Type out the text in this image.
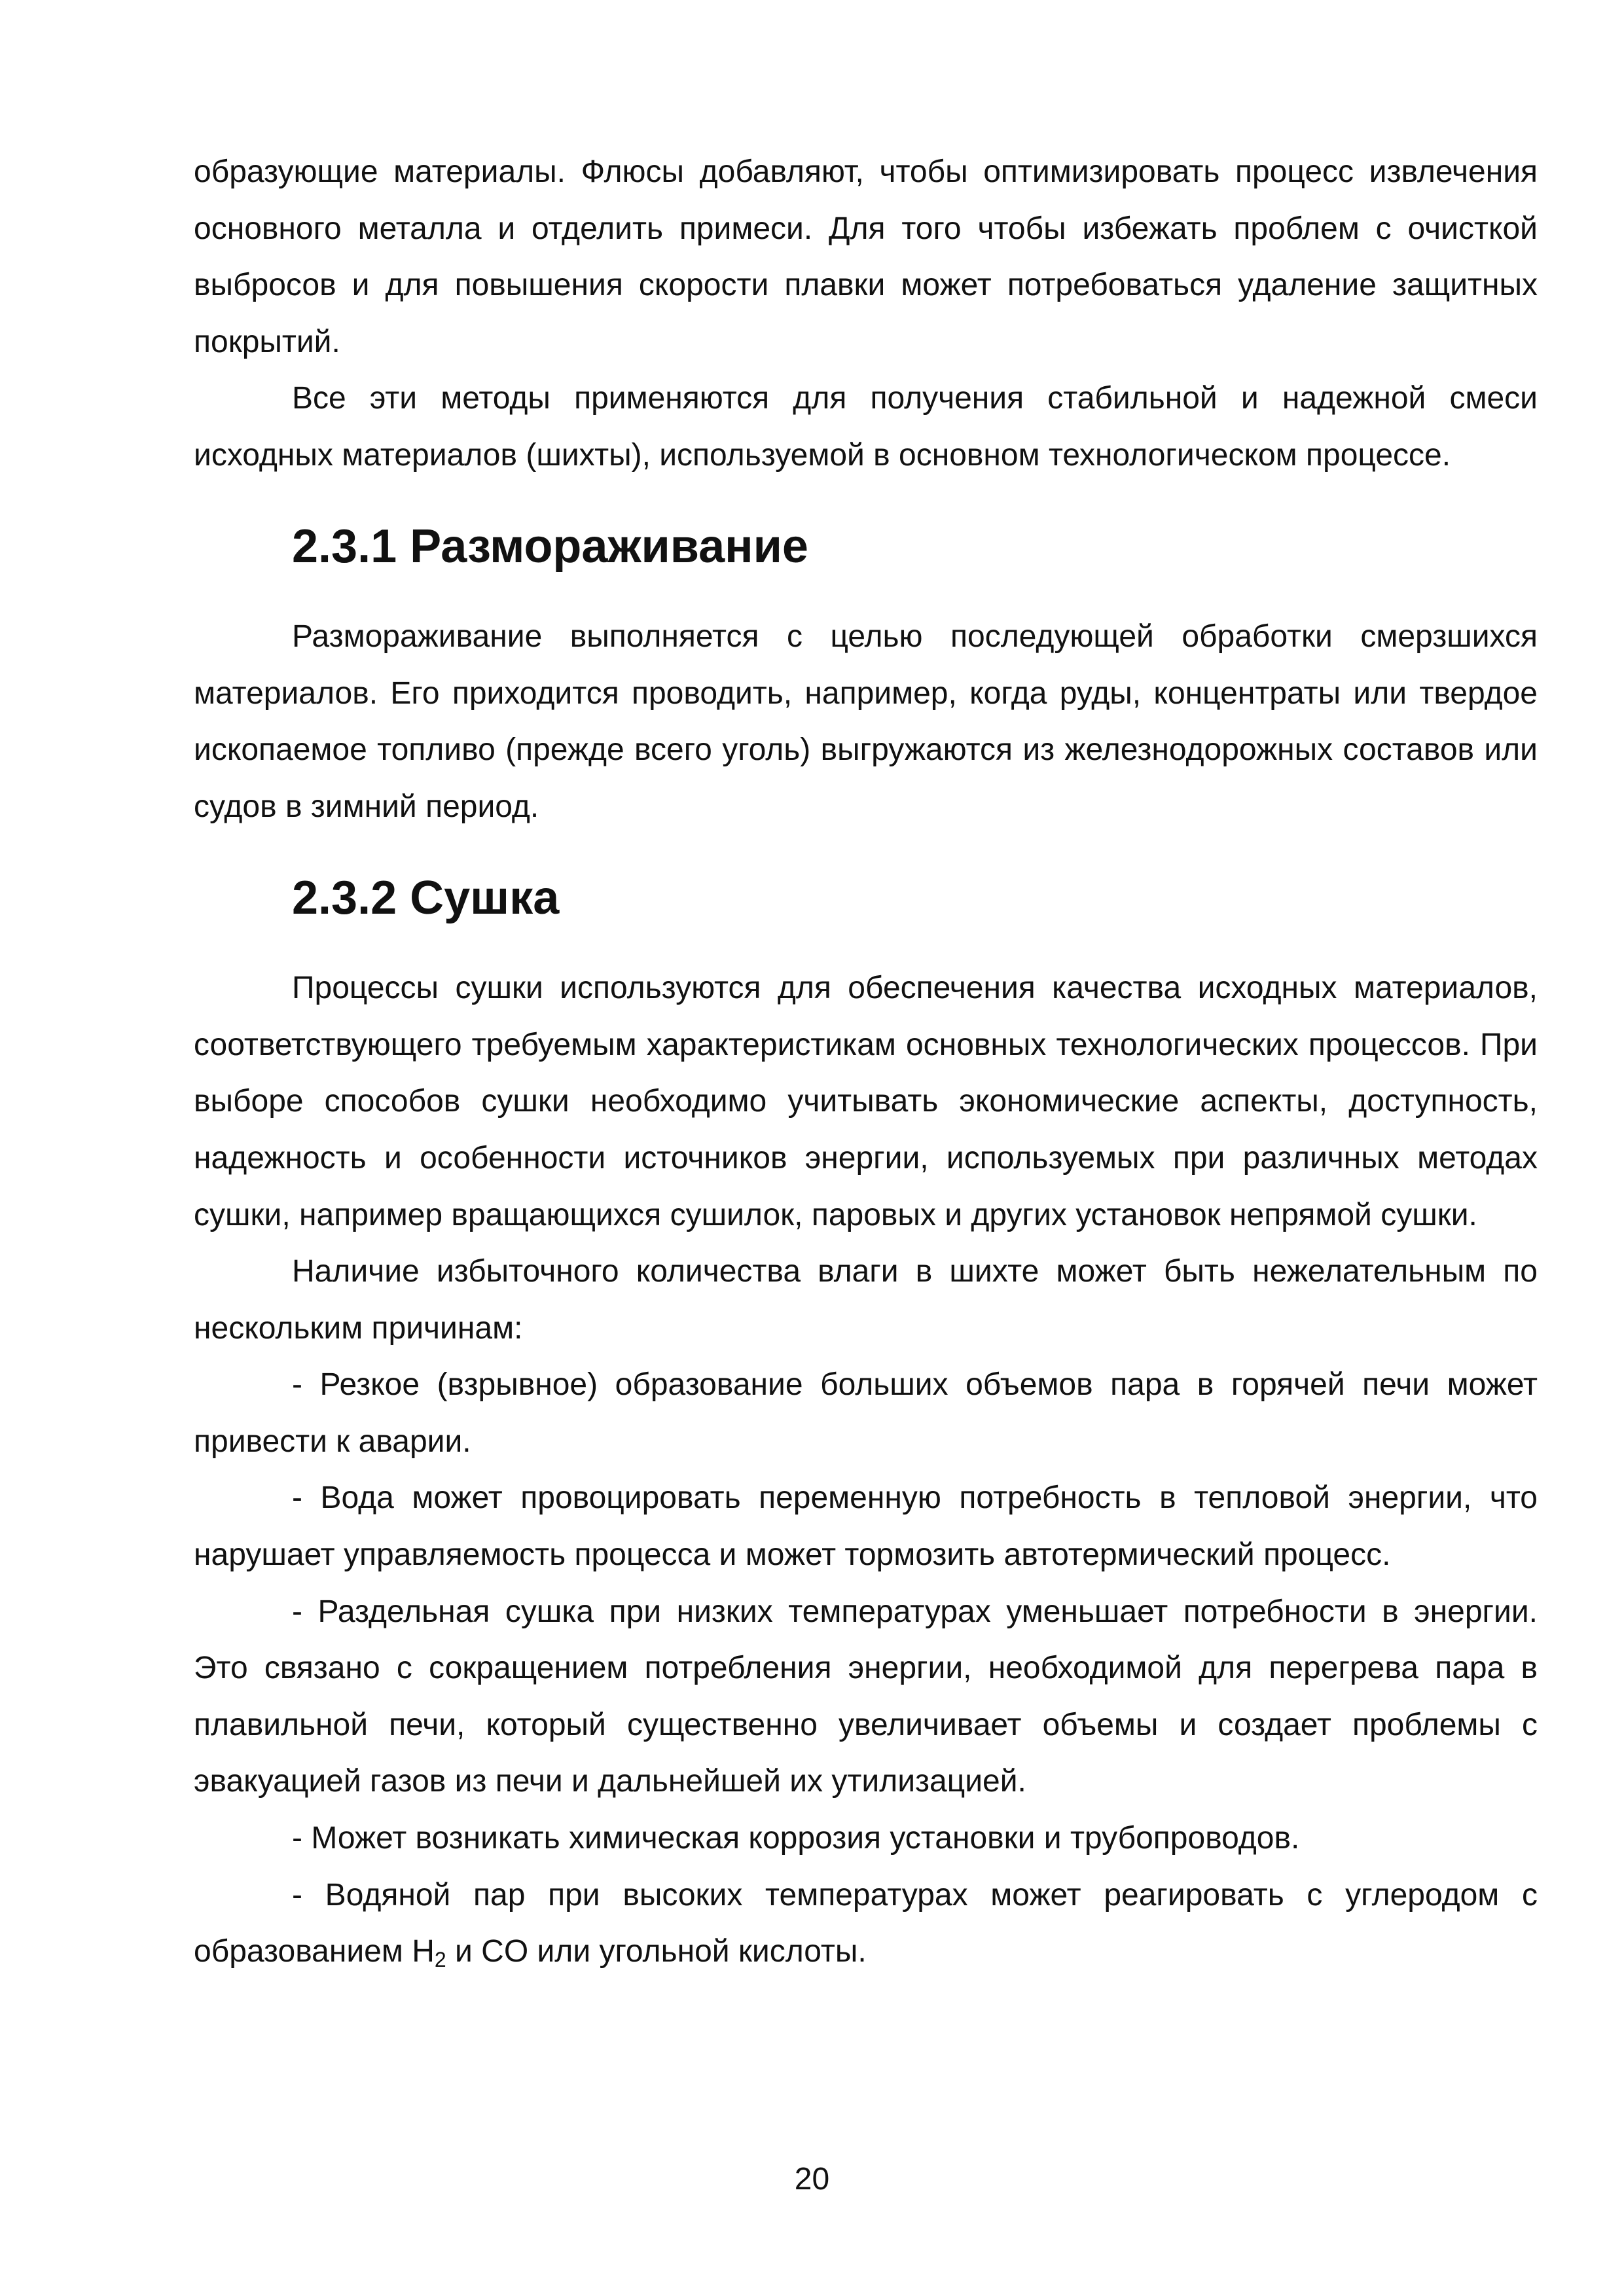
образующие материалы. Флюсы добавляют, чтобы оптимизировать процесс извлечения основного металла и отделить примеси. Для того чтобы избежать проблем с очисткой выбросов и для повышения скорости плавки может потребоваться удаление защитных покрытий.

Все эти методы применяются для получения стабильной и надежной смеси исходных материалов (шихты), используемой в основном технологическом процессе.

2.3.1 Размораживание

Размораживание выполняется с целью последующей обработки смерзшихся материалов. Его приходится проводить, например, когда руды, концентраты или твердое ископаемое топливо (прежде всего уголь) выгружаются из железнодорожных составов или судов в зимний период.

2.3.2 Сушка

Процессы сушки используются для обеспечения качества исходных материалов, соответствующего требуемым характеристикам основных технологических процессов. При выборе способов сушки необходимо учитывать экономические аспекты, доступность, надежность и особенности источников энергии, используемых при различных методах сушки, например вращающихся сушилок, паровых и других установок непрямой сушки.

Наличие избыточного количества влаги в шихте может быть нежелательным по нескольким причинам:

- Резкое (взрывное) образование больших объемов пара в горячей печи может привести к аварии.

- Вода может провоцировать переменную потребность в тепловой энергии, что нарушает управляемость процесса и может тормозить автотермический процесс.

- Раздельная сушка при низких температурах уменьшает потребности в энергии. Это связано с сокращением потребления энергии, необходимой для перегрева пара в плавильной печи, который существенно увеличивает объемы и создает проблемы с эвакуацией газов из печи и дальнейшей их утилизацией.

- Может возникать химическая коррозия установки и трубопроводов.

- Водяной пар при высоких температурах может реагировать с углеродом с образованием $H_2$ и CO или угольной кислоты.

20
